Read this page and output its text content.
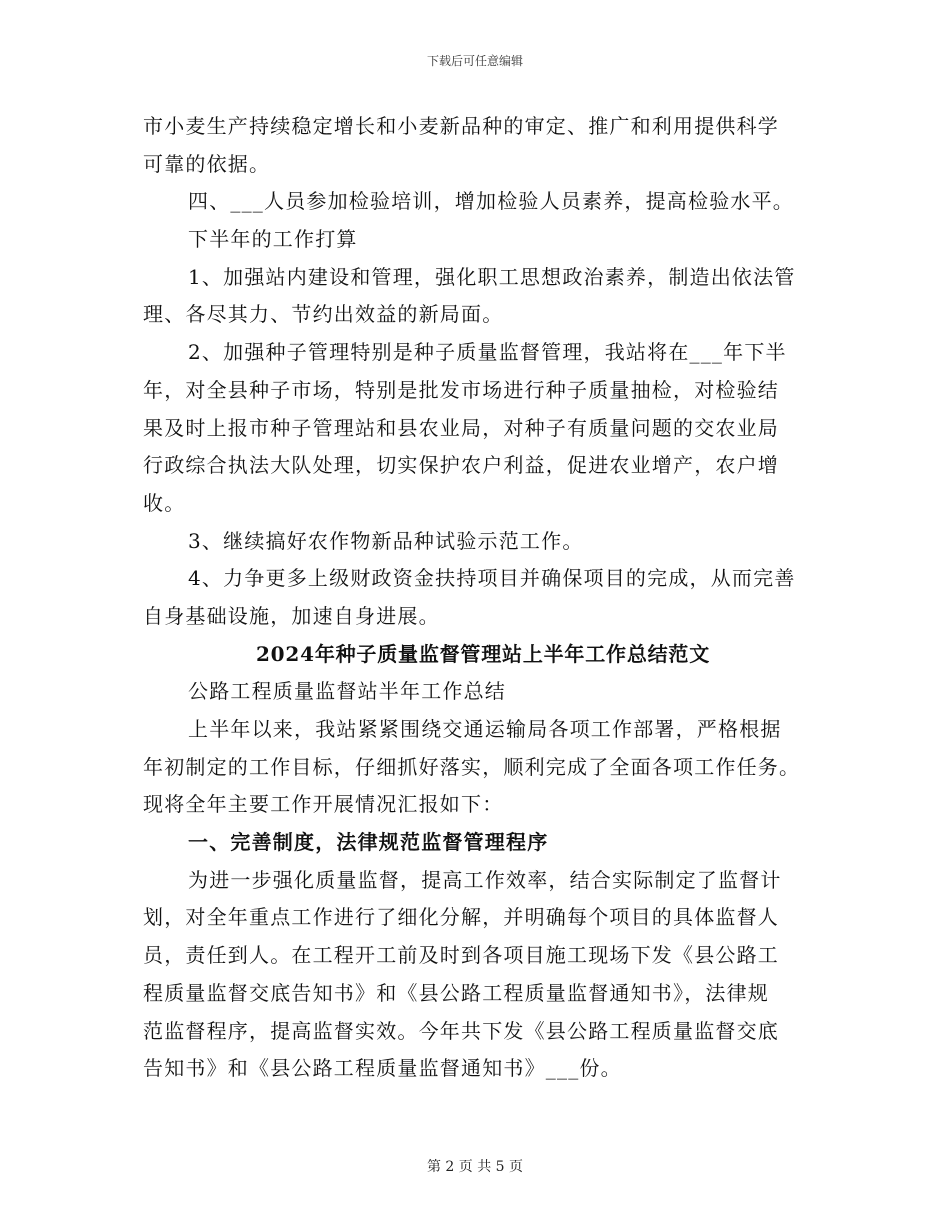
下载后可任意编辑
市小麦生产持续稳定增长和小麦新品种的审定、推广和利用提供科学
可靠的依据。
四、___人员参加检验培训，增加检验人员素养，提高检验水平。
下半年的工作打算
1、加强站内建设和管理，强化职工思想政治素养，制造出依法管
理、各尽其力、节约出效益的新局面。
2、加强种子管理特别是种子质量监督管理，我站将在___年下半
年，对全县种子市场，特别是批发市场进行种子质量抽检，对检验结
果及时上报市种子管理站和县农业局，对种子有质量问题的交农业局
行政综合执法大队处理，切实保护农户利益，促进农业增产，农户增
收。
3、继续搞好农作物新品种试验示范工作。
4、力争更多上级财政资金扶持项目并确保项目的完成，从而完善
自身基础设施，加速自身进展。
2024年种子质量监督管理站上半年工作总结范文
公路工程质量监督站半年工作总结
上半年以来，我站紧紧围绕交通运输局各项工作部署，严格根据
年初制定的工作目标，仔细抓好落实，顺利完成了全面各项工作任务。
现将全年主要工作开展情况汇报如下：
一、完善制度，法律规范监督管理程序
为进一步强化质量监督，提高工作效率，结合实际制定了监督计
划，对全年重点工作进行了细化分解，并明确每个项目的具体监督人
员，责任到人。在工程开工前及时到各项目施工现场下发《县公路工
程质量监督交底告知书》和《县公路工程质量监督通知书》，法律规
范监督程序，提高监督实效。今年共下发《县公路工程质量监督交底
告知书》和《县公路工程质量监督通知书》___份。
第 2 页 共 5 页
